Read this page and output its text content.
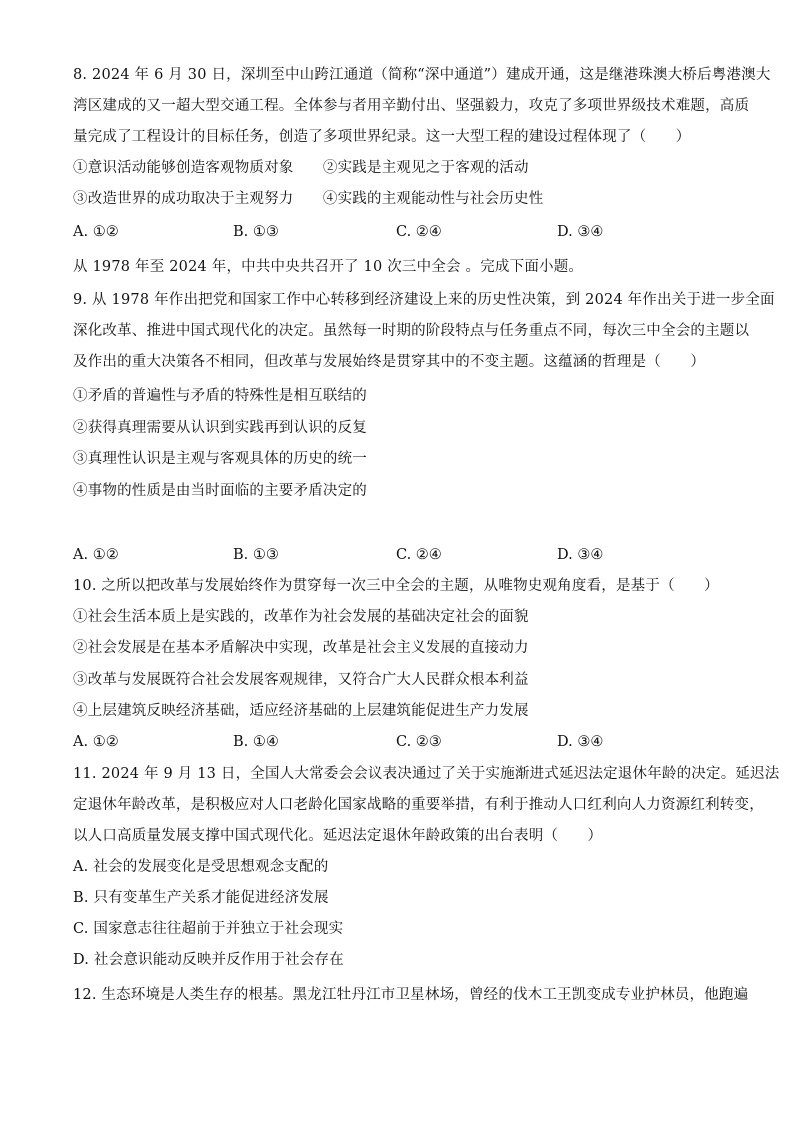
8. 2024 年 6 月 30 日，深圳至中山跨江通道（简称“深中通道”）建成开通，这是继港珠澳大桥后粤港澳大
湾区建成的又一超大型交通工程。全体参与者用辛勤付出、坚强毅力，攻克了多项世界级技术难题，高质
量完成了工程设计的目标任务，创造了多项世界纪录。这一大型工程的建设过程体现了（　　）
①意识活动能够创造客观物质对象　　②实践是主观见之于客观的活动
③改造世界的成功取决于主观努力　　④实践的主观能动性与社会历史性
A. ①②	B. ①③	C. ②④	D. ③④
从 1978 年至 2024 年，中共中央共召开了 10 次三中全会 。完成下面小题。
9. 从 1978 年作出把党和国家工作中心转移到经济建设上来的历史性决策，到 2024 年作出关于进一步全面
深化改革、推进中国式现代化的决定。虽然每一时期的阶段特点与任务重点不同，每次三中全会的主题以
及作出的重大决策各不相同，但改革与发展始终是贯穿其中的不变主题。这蕴涵的哲理是（　　）
①矛盾的普遍性与矛盾的特殊性是相互联结的
②获得真理需要从认识到实践再到认识的反复
③真理性认识是主观与客观具体的历史的统一
④事物的性质是由当时面临的主要矛盾决定的
A. ①②	B. ①③	C. ②④	D. ③④
10. 之所以把改革与发展始终作为贯穿每一次三中全会的主题，从唯物史观角度看，是基于（　　）
①社会生活本质上是实践的，改革作为社会发展的基础决定社会的面貌
②社会发展是在基本矛盾解决中实现，改革是社会主义发展的直接动力
③改革与发展既符合社会发展客观规律，又符合广大人民群众根本利益
④上层建筑反映经济基础，适应经济基础的上层建筑能促进生产力发展
A. ①②	B. ①④	C. ②③	D. ③④
11. 2024 年 9 月 13 日，全国人大常委会会议表决通过了关于实施渐进式延迟法定退休年龄的决定。延迟法
定退休年龄改革，是积极应对人口老龄化国家战略的重要举措，有利于推动人口红利向人力资源红利转变，
以人口高质量发展支撑中国式现代化。延迟法定退休年龄政策的出台表明（　　）
A. 社会的发展变化是受思想观念支配的
B. 只有变革生产关系才能促进经济发展
C. 国家意志往往超前于并独立于社会现实
D. 社会意识能动反映并反作用于社会存在
12. 生态环境是人类生存的根基。黑龙江牡丹江市卫星林场，曾经的伐木工王凯变成专业护林员，他跑遍
